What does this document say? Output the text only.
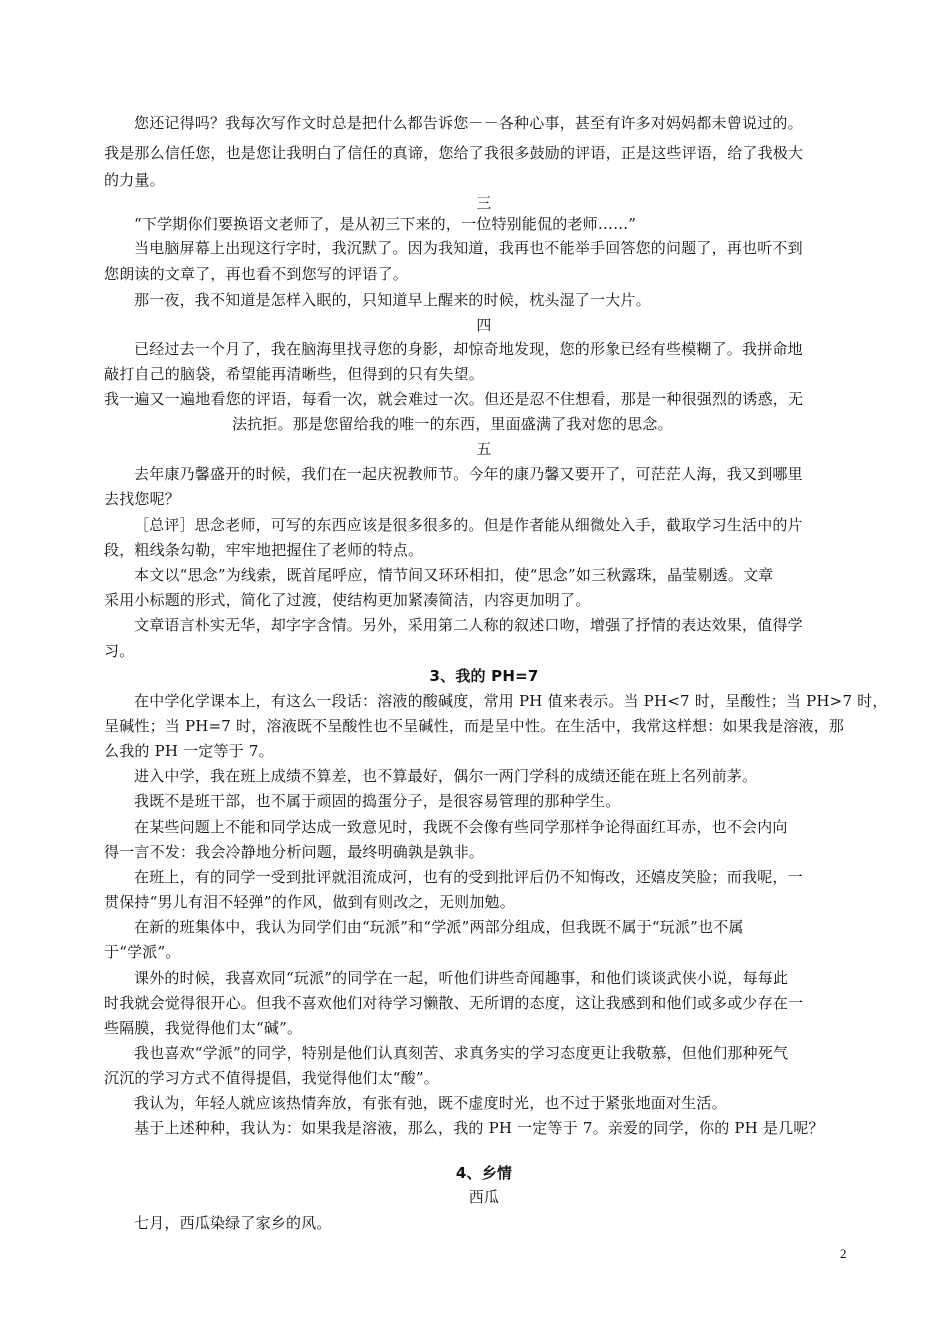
您还记得吗？我每次写作文时总是把什么都告诉您－－各种心事，甚至有许多对妈妈都未曾说过的。
我是那么信任您，也是您让我明白了信任的真谛，您给了我很多鼓励的评语，正是这些评语，给了我极大
的力量。
三
“下学期你们要换语文老师了，是从初三下来的，一位特别能侃的老师……”
当电脑屏幕上出现这行字时，我沉默了。因为我知道，我再也不能举手回答您的问题了，再也听不到
您朗读的文章了，再也看不到您写的评语了。
那一夜，我不知道是怎样入眠的，只知道早上醒来的时候，枕头湿了一大片。
四
已经过去一个月了，我在脑海里找寻您的身影，却惊奇地发现，您的形象已经有些模糊了。我拼命地
敲打自己的脑袋，希望能再清晰些，但得到的只有失望。
我一遍又一遍地看您的评语，每看一次，就会难过一次。但还是忍不住想看，那是一种很强烈的诱惑，无
法抗拒。那是您留给我的唯一的东西，里面盛满了我对您的思念。
五
去年康乃馨盛开的时候，我们在一起庆祝教师节。今年的康乃馨又要开了，可茫茫人海，我又到哪里
去找您呢？
［总评］思念老师，可写的东西应该是很多很多的。但是作者能从细微处入手，截取学习生活中的片
段，粗线条勾勒，牢牢地把握住了老师的特点。
本文以“思念”为线索，既首尾呼应，情节间又环环相扣，使“思念”如三秋露珠，晶莹剔透。文章
采用小标题的形式，简化了过渡，使结构更加紧凑简洁，内容更加明了。
文章语言朴实无华，却字字含情。另外，采用第二人称的叙述口吻，增强了抒情的表达效果，值得学
习。
3、我的 PH=7
在中学化学课本上，有这么一段话：溶液的酸碱度，常用 PH 值来表示。当 PH<7 时，呈酸性；当 PH>7 时，
呈碱性；当 PH=7 时，溶液既不呈酸性也不呈碱性，而是呈中性。在生活中，我常这样想：如果我是溶液，那
么我的 PH 一定等于 7。
进入中学，我在班上成绩不算差，也不算最好，偶尔一两门学科的成绩还能在班上名列前茅。
我既不是班干部，也不属于顽固的捣蛋分子，是很容易管理的那种学生。
在某些问题上不能和同学达成一致意见时，我既不会像有些同学那样争论得面红耳赤，也不会内向
得一言不发：我会冷静地分析问题，最终明确孰是孰非。
在班上，有的同学一受到批评就泪流成河，也有的受到批评后仍不知悔改，还嬉皮笑脸；而我呢，一
贯保持“男儿有泪不轻弹”的作风，做到有则改之，无则加勉。
在新的班集体中，我认为同学们由“玩派”和“学派”两部分组成，但我既不属于“玩派”也不属
于“学派”。
课外的时候，我喜欢同“玩派”的同学在一起，听他们讲些奇闻趣事，和他们谈谈武侠小说，每每此
时我就会觉得很开心。但我不喜欢他们对待学习懒散、无所谓的态度，这让我感到和他们或多或少存在一
些隔膜，我觉得他们太“碱”。
我也喜欢“学派”的同学，特别是他们认真刻苦、求真务实的学习态度更让我敬慕，但他们那种死气
沉沉的学习方式不值得提倡，我觉得他们太“酸”。
我认为，年轻人就应该热情奔放，有张有弛，既不虚度时光，也不过于紧张地面对生活。
基于上述种种，我认为：如果我是溶液，那么，我的 PH 一定等于 7。亲爱的同学，你的 PH 是几呢？
4、乡情
西瓜
七月，西瓜染绿了家乡的风。
2
